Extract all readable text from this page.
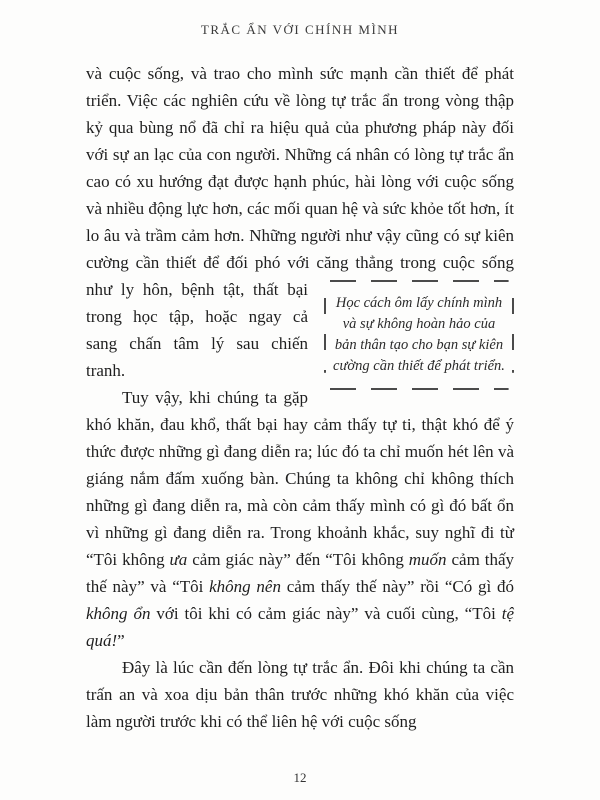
TRẮC ẨN VỚI CHÍNH MÌNH

và cuộc sống, và trao cho mình sức mạnh cần thiết để phát triển. Việc các nghiên cứu về lòng tự trắc ẩn trong vòng thập kỷ qua bùng nổ đã chỉ ra hiệu quả của phương pháp này đối với sự an lạc của con người. Những cá nhân có lòng tự trắc ẩn cao có xu hướng đạt được hạnh phúc, hài lòng với cuộc sống và nhiều động lực hơn, các mối quan hệ và sức khỏe tốt hơn, ít lo âu và trầm cảm hơn. Những người như vậy cũng có sự kiên cường cần thiết để đối phó với căng thẳng trong cuộc sống như ly hôn,
Học cách ôm lấy chính mình và sự không hoàn hảo của bản thân tạo cho bạn sự kiên cường cần thiết để phát triển.
bệnh tật, thất bại trong học tập, hoặc ngay cả sang chấn tâm lý sau chiến tranh.

Tuy vậy, khi chúng ta gặp khó khăn, đau khổ, thất bại hay cảm thấy tự ti, thật khó để ý thức được những gì đang diễn ra; lúc đó ta chỉ muốn hét lên và giáng nắm đấm xuống bàn. Chúng ta không chỉ không thích những gì đang diễn ra, mà còn cảm thấy mình có gì đó bất ổn vì những gì đang diễn ra. Trong khoảnh khắc, suy nghĩ đi từ “Tôi không ưa cảm giác này” đến “Tôi không muốn cảm thấy thế này” và “Tôi không nên cảm thấy thế này” rồi “Có gì đó không ổn với tôi khi có cảm giác này” và cuối cùng, “Tôi tệ quá!”

Đây là lúc cần đến lòng tự trắc ẩn. Đôi khi chúng ta cần trấn an và xoa dịu bản thân trước những khó khăn của việc làm người trước khi có thể liên hệ với cuộc sống

12
